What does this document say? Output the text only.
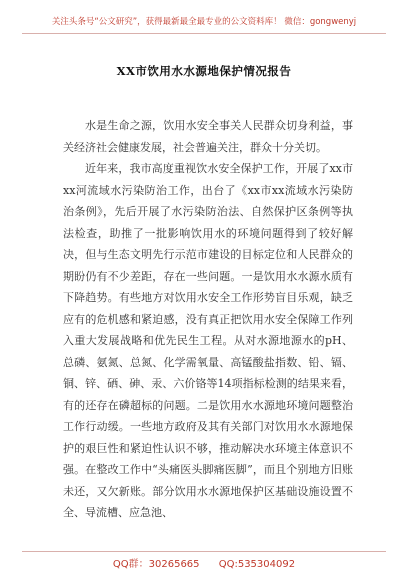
关注头条号“公文研究”，获得最新最全最专业的公文资料库！ 微信：gongwenyj
XX市饮用水水源地保护情况报告

水是生命之源，饮用水安全事关人民群众切身利益，事关经济社会健康发展，社会普遍关注，群众十分关切。

近年来，我市高度重视饮水安全保护工作，开展了xx市xx河流域水污染防治工作，出台了《xx市xx流域水污染防治条例》，先后开展了水污染防治法、自然保护区条例等执法检查，助推了一批影响饮用水的环境问题得到了较好解决，但与生态文明先行示范市建设的目标定位和人民群众的期盼仍有不少差距，存在一些问题。一是饮用水水源水质有下降趋势。有些地方对饮用水安全工作形势盲目乐观，缺乏应有的危机感和紧迫感，没有真正把饮用水安全保障工作列入重大发展战略和优先民生工程。从对水源地源水的pH、总磷、氨氮、总氮、化学需氧量、高锰酸盐指数、铅、镉、铜、锌、硒、砷、汞、六价铬等14项指标检测的结果来看，有的还存在磷超标的问题。二是饮用水水源地环境问题整治工作行动缓。一些地方政府及其有关部门对饮用水水源地保护的艰巨性和紧迫性认识不够，推动解决水环境主体意识不强。在整改工作中“头痛医头脚痛医脚”，而且个别地方旧账未还，又欠新账。部分饮用水水源地保护区基础设施设置不全、导流槽、应急池、

QQ群：30265665 QQ:535304092
